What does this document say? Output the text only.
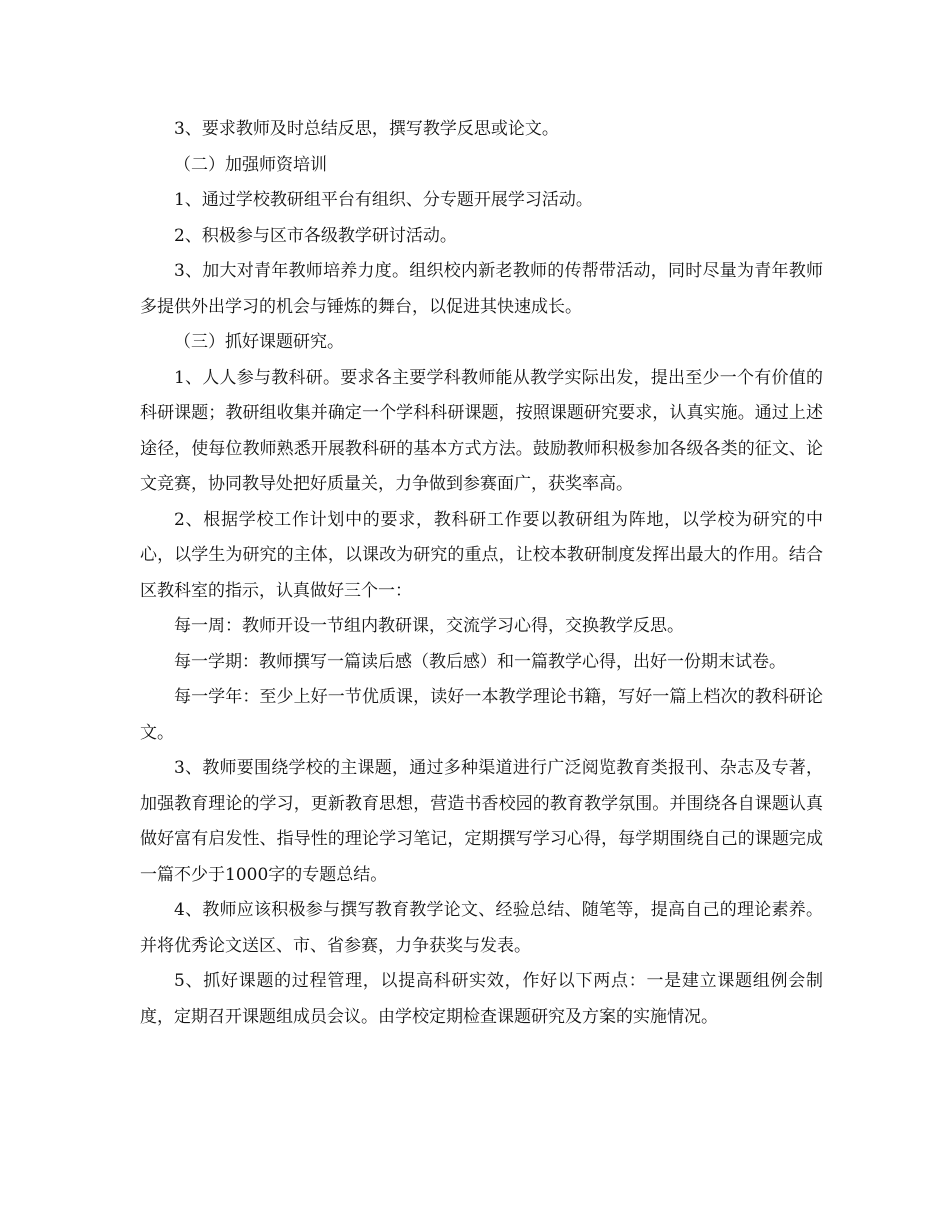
3、要求教师及时总结反思，撰写教学反思或论文。

（二）加强师资培训

1、通过学校教研组平台有组织、分专题开展学习活动。

2、积极参与区市各级教学研讨活动。

3、加大对青年教师培养力度。组织校内新老教师的传帮带活动，同时尽量为青年教师多提供外出学习的机会与锤炼的舞台，以促进其快速成长。

（三）抓好课题研究。

1、人人参与教科研。要求各主要学科教师能从教学实际出发，提出至少一个有价值的科研课题；教研组收集并确定一个学科科研课题，按照课题研究要求，认真实施。通过上述途径，使每位教师熟悉开展教科研的基本方式方法。鼓励教师积极参加各级各类的征文、论文竞赛，协同教导处把好质量关，力争做到参赛面广，获奖率高。

2、根据学校工作计划中的要求，教科研工作要以教研组为阵地，以学校为研究的中心，以学生为研究的主体，以课改为研究的重点，让校本教研制度发挥出最大的作用。结合区教科室的指示，认真做好三个一：

每一周：教师开设一节组内教研课，交流学习心得，交换教学反思。

每一学期：教师撰写一篇读后感（教后感）和一篇教学心得，出好一份期末试卷。

每一学年：至少上好一节优质课，读好一本教学理论书籍，写好一篇上档次的教科研论文。

3、教师要围绕学校的主课题，通过多种渠道进行广泛阅览教育类报刊、杂志及专著，加强教育理论的学习，更新教育思想，营造书香校园的教育教学氛围。并围绕各自课题认真做好富有启发性、指导性的理论学习笔记，定期撰写学习心得，每学期围绕自己的课题完成一篇不少于1000字的专题总结。

4、教师应该积极参与撰写教育教学论文、经验总结、随笔等，提高自己的理论素养。并将优秀论文送区、市、省参赛，力争获奖与发表。

5、抓好课题的过程管理，以提高科研实效，作好以下两点：一是建立课题组例会制度，定期召开课题组成员会议。由学校定期检查课题研究及方案的实施情况。
